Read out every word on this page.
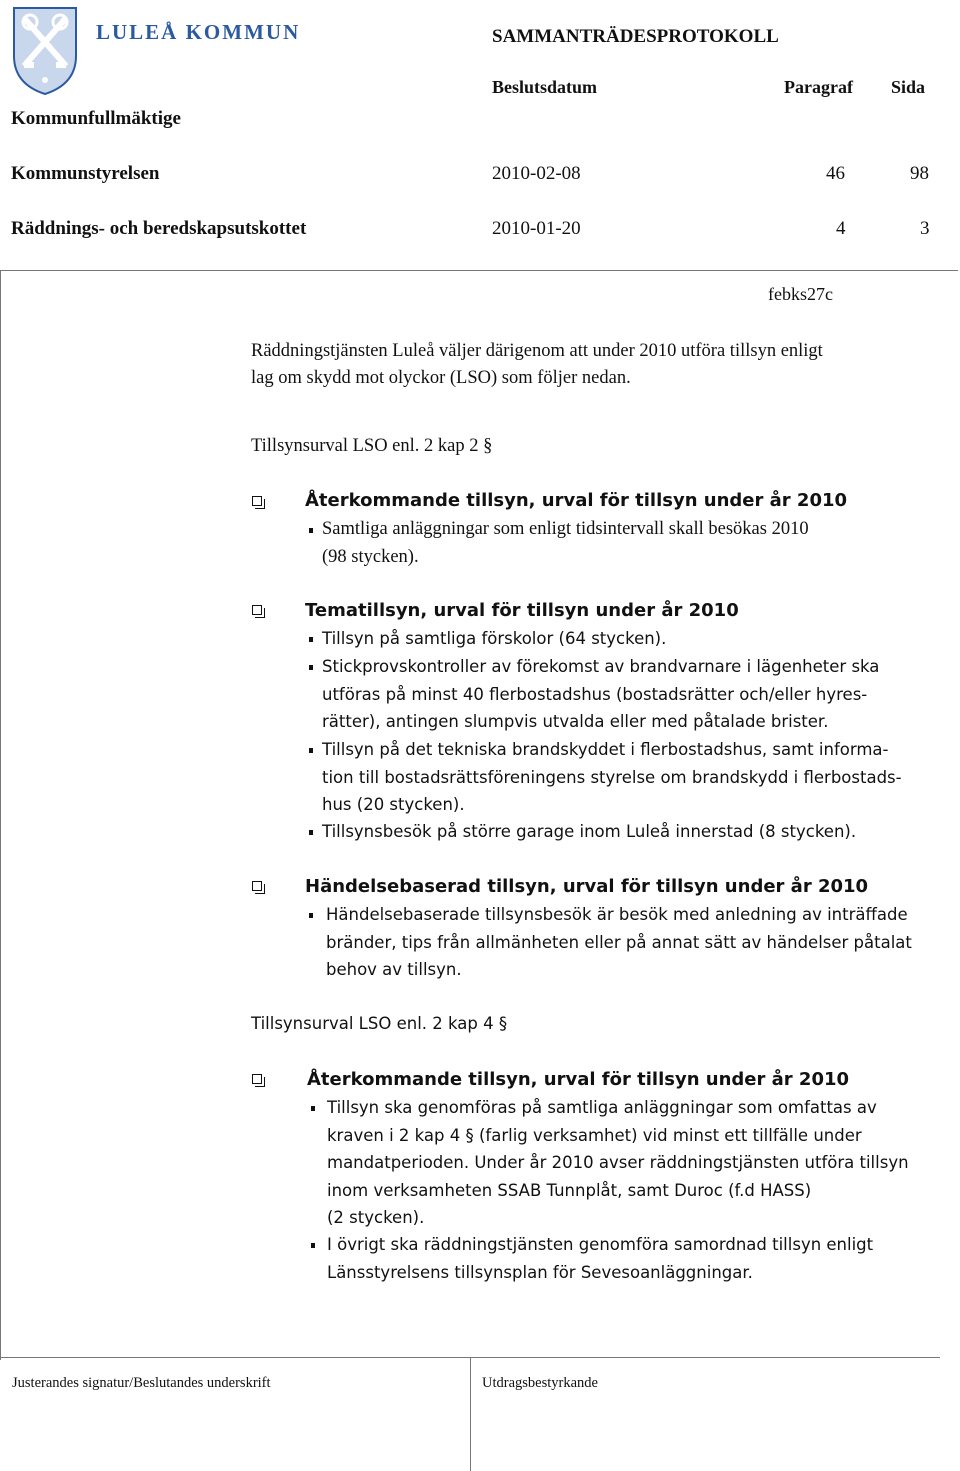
LULEÅ KOMMUN	SAMMANTRÄDESPROTOKOLL
Beslutsdatum	Paragraf Sida
Kommunfullmäktige
Kommunstyrelsen	2010-02-08	46	98
Räddnings- och beredskapsutskottet	2010-01-20	4	3
febks27c
Räddningstjänsten Luleå väljer därigenom att under 2010 utföra tillsyn enligt
lag om skydd mot olyckor (LSO) som följer nedan.
Tillsynsurval LSO enl. 2 kap 2 §
Återkommande tillsyn, urval för tillsyn under år 2010
Samtliga anläggningar som enligt tidsintervall skall besökas 2010
(98 stycken).
Tematillsyn, urval för tillsyn under år 2010
Tillsyn på samtliga förskolor (64 stycken).
Stickprovskontroller av förekomst av brandvarnare i lägenheter ska
utföras på minst 40 flerbostadshus (bostadsrätter och/eller hyres-
rätter), antingen slumpvis utvalda eller med påtalade brister.
Tillsyn på det tekniska brandskyddet i flerbostadshus, samt informa-
tion till bostadsrättsföreningens styrelse om brandskydd i flerbostads-
hus (20 stycken).
Tillsynsbesök på större garage inom Luleå innerstad (8 stycken).
Händelsebaserad tillsyn, urval för tillsyn under år 2010
Händelsebaserade tillsynsbesök är besök med anledning av inträffade
bränder, tips från allmänheten eller på annat sätt av händelser påtalat
behov av tillsyn.
Tillsynsurval LSO enl. 2 kap 4 §
Återkommande tillsyn, urval för tillsyn under år 2010
Tillsyn ska genomföras på samtliga anläggningar som omfattas av
kraven i 2 kap 4 § (farlig verksamhet) vid minst ett tillfälle under
mandatperioden. Under år 2010 avser räddningstjänsten utföra tillsyn
inom verksamheten SSAB Tunnplåt, samt Duroc (f.d HASS)
(2 stycken).
I övrigt ska räddningstjänsten genomföra samordnad tillsyn enligt
Länsstyrelsens tillsynsplan för Sevesoanläggningar.
Justerandes signatur/Beslutandes underskrift	Utdragsbestyrkande
